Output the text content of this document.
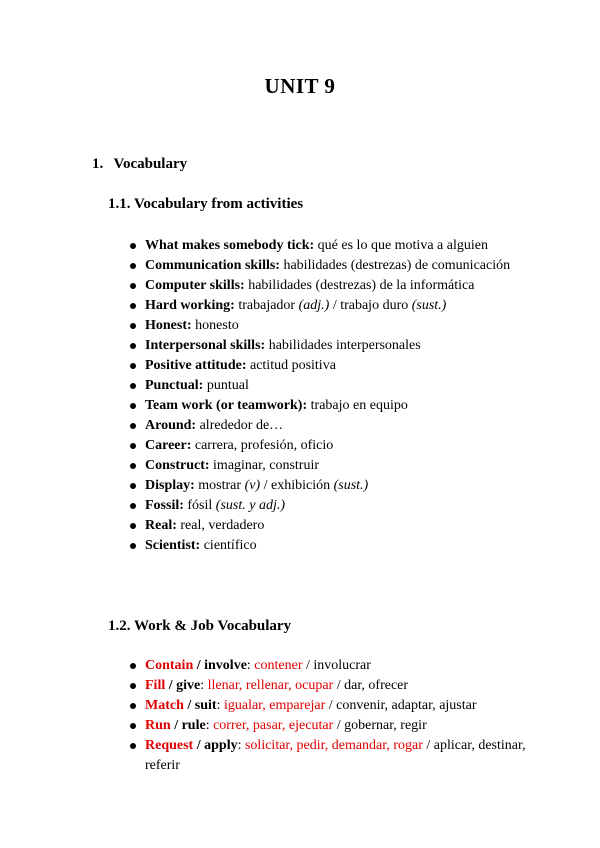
UNIT 9
1. Vocabulary
1.1. Vocabulary from activities
What makes somebody tick: qué es lo que motiva a alguien
Communication skills: habilidades (destrezas) de comunicación
Computer skills: habilidades (destrezas) de la informática
Hard working: trabajador (adj.) / trabajo duro (sust.)
Honest: honesto
Interpersonal skills: habilidades interpersonales
Positive attitude: actitud positiva
Punctual: puntual
Team work (or teamwork): trabajo en equipo
Around: alrededor de…
Career: carrera, profesión, oficio
Construct: imaginar, construir
Display: mostrar (v) / exhibición (sust.)
Fossil: fósil (sust. y adj.)
Real: real, verdadero
Scientist: científico
1.2. Work & Job Vocabulary
Contain / involve: contener / involucrar
Fill / give: llenar, rellenar, ocupar / dar, ofrecer
Match / suit: igualar, emparejar / convenir, adaptar, ajustar
Run / rule: correr, pasar, ejecutar / gobernar, regir
Request / apply: solicitar, pedir, demandar, rogar / aplicar, destinar, referir
